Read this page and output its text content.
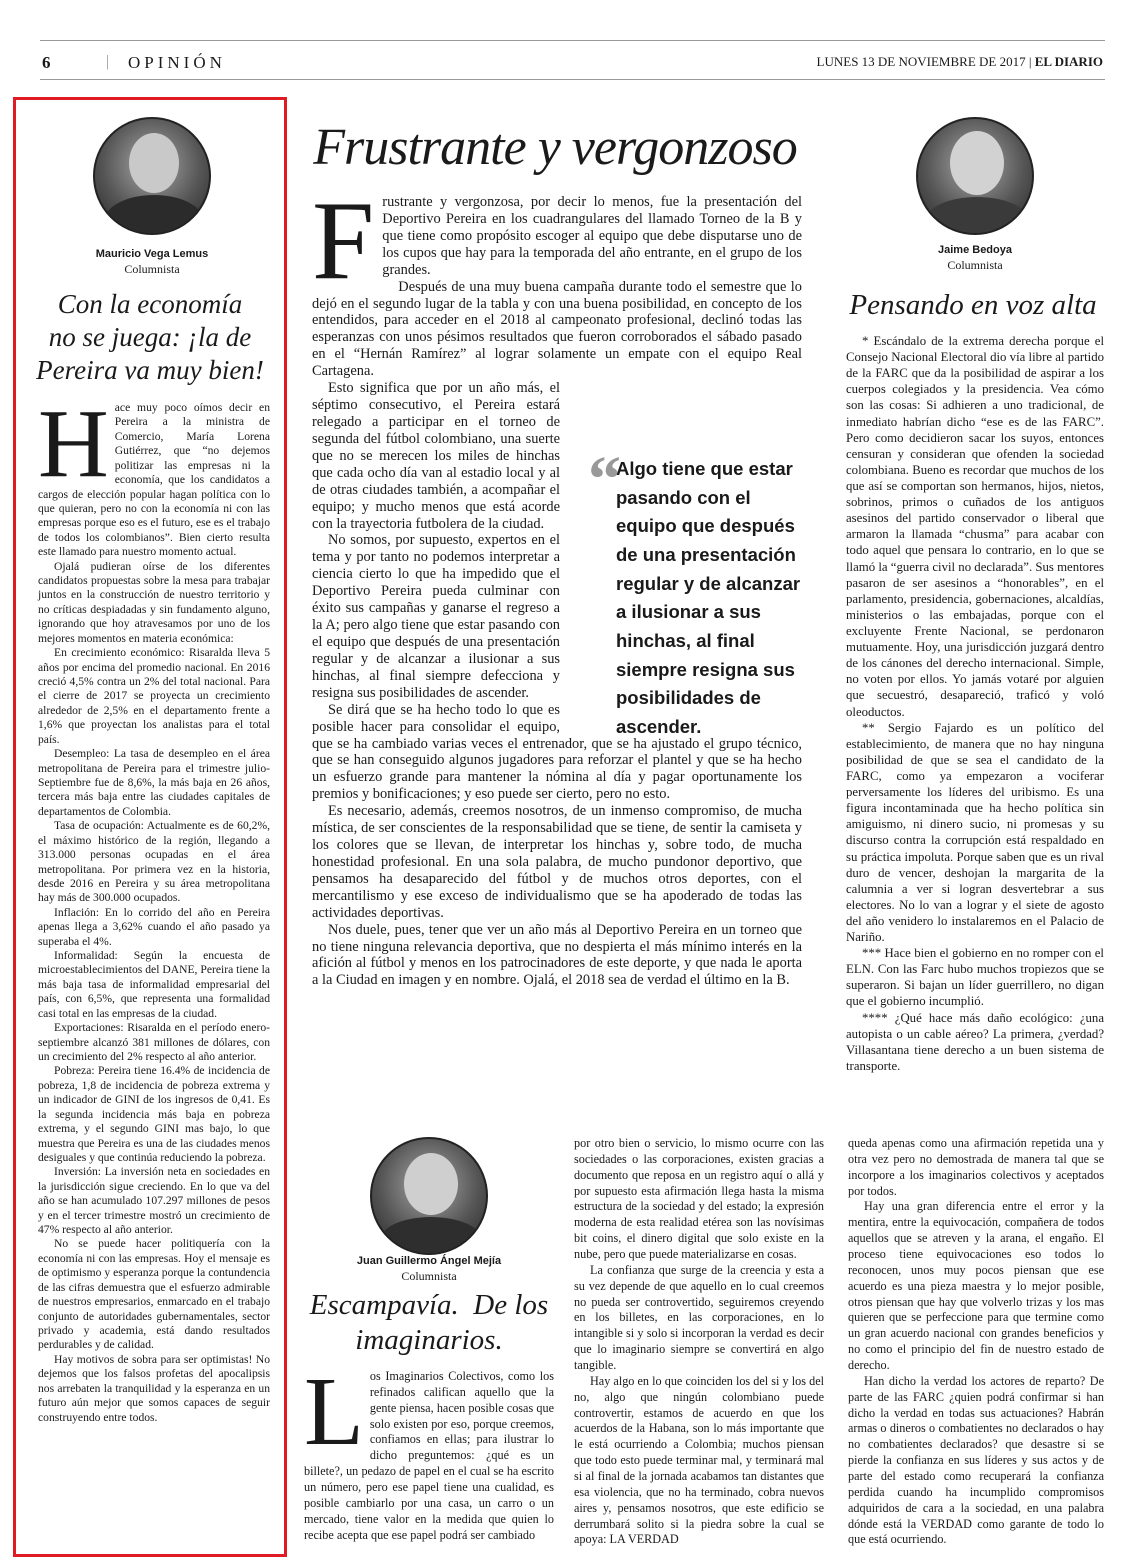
6	| OPINIÓN	LUNES 13 DE NOVIEMBRE DE 2017 | EL DIARIO
Mauricio Vega Lemus
Columnista
Con la economía
no se juega: ¡la de
Pereira va muy bien!

Hace muy poco oímos decir en Pereira a la ministra de Comercio, María Lorena Gutiérrez, que “no dejemos politizar las empresas ni la economía, que los candidatos a cargos de elección popular hagan política con lo que quieran, pero no con la economía ni con las empresas porque eso es el futuro, ese es el trabajo de todos los colombianos”. Bien cierto resulta este llamado para nuestro momento actual.

Ojalá pudieran oírse de los diferentes candidatos propuestas sobre la mesa para trabajar juntos en la construcción de nuestro territorio y no críticas despiadadas y sin fundamento alguno, ignorando que hoy atravesamos por uno de los mejores momentos en materia económica:

En crecimiento económico: Risaralda lleva 5 años por encima del promedio nacional. En 2016 creció 4,5% contra un 2% del total nacional. Para el cierre de 2017 se proyecta un crecimiento alrededor de 2,5% en el departamento frente a 1,6% que proyectan los analistas para el total país.

Desempleo: La tasa de desempleo en el área metropolitana de Pereira para el trimestre julio-Septiembre fue de 8,6%, la más baja en 26 años, tercera más baja entre las ciudades capitales de departamentos de Colombia.

Tasa de ocupación: Actualmente es de 60,2%, el máximo histórico de la región, llegando a 313.000 personas ocupadas en el área metropolitana. Por primera vez en la historia, desde 2016 en Pereira y su área metropolitana hay más de 300.000 ocupados.

Inflación: En lo corrido del año en Pereira apenas llega a 3,62% cuando el año pasado ya superaba el 4%.

Informalidad: Según la encuesta de microestablecimientos del DANE, Pereira tiene la más baja tasa de informalidad empresarial del país, con 6,5%, que representa una formalidad casi total en las empresas de la ciudad.

Exportaciones: Risaralda en el período enero-septiembre alcanzó 381 millones de dólares, con un crecimiento del 2% respecto al año anterior.

Pobreza: Pereira tiene 16.4% de incidencia de pobreza, 1,8 de incidencia de pobreza extrema y un indicador de GINI de los ingresos de 0,41. Es la segunda incidencia más baja en pobreza extrema, y el segundo GINI mas bajo, lo que muestra que Pereira es una de las ciudades menos desiguales y que continúa reduciendo la pobreza.

Inversión: La inversión neta en sociedades en la jurisdicción sigue creciendo. En lo que va del año se han acumulado 107.297 millones de pesos y en el tercer trimestre mostró un crecimiento de 47% respecto al año anterior.

No se puede hacer politiquería con la economía ni con las empresas. Hoy el mensaje es de optimismo y esperanza porque la contundencia de las cifras demuestra que el esfuerzo admirable de nuestros empresarios, enmarcado en el trabajo conjunto de autoridades gubernamentales, sector privado y academia, está dando resultados perdurables y de calidad.

Hay motivos de sobra para ser optimistas! No dejemos que los falsos profetas del apocalipsis nos arrebaten la tranquilidad y la esperanza en un futuro aún mejor que somos capaces de seguir construyendo entre todos.

Frustrante y vergonzoso

Frustrante y vergonzosa, por decir lo menos, fue la presentación del Deportivo Pereira en los cuadrangulares del llamado Torneo de la B y que tiene como propósito escoger al equipo que debe disputarse uno de los cupos que hay para la temporada del año entrante, en el grupo de los grandes.

Después de una muy buena campaña durante todo el semestre que lo dejó en el segundo lugar de la tabla y con una buena posibilidad, en concepto de los entendidos, para acceder en el 2018 al campeonato profesional, declinó todas las esperanzas con unos pésimos resultados que fueron corroborados el sábado pasado en el “Hernán Ramírez” al lograr solamente un empate con el equipo Real Cartagena.

Esto significa que por un año más, el séptimo consecutivo, el Pereira estará relegado a participar en el torneo de segunda del fútbol colombiano, una suerte que no se merecen los miles de hinchas que cada ocho día van al estadio local y al de otras ciudades también, a acompañar el equipo; y mucho menos que está acorde con la trayectoria futbolera de la ciudad.

No somos, por supuesto, expertos en el tema y por tanto no podemos interpretar a ciencia cierto lo que ha impedido que el Deportivo Pereira pueda culminar con éxito sus campañas y ganarse el regreso a la A; pero algo tiene que estar pasando con el equipo que después de una presentación regular y de alcanzar a ilusionar a sus hinchas, al final siempre defecciona y resigna sus posibilidades de ascender.

Se dirá que se ha hecho todo lo que es posible hacer para consolidar el equipo, que se ha cambiado varias veces el entrenador, que se ha ajustado el grupo técnico, que se han conseguido algunos jugadores para reforzar el plantel y que se ha hecho un esfuerzo grande para mantener la nómina al día y pagar oportunamente los premios y bonificaciones; y eso puede ser cierto, pero no esto.

Es necesario, además, creemos nosotros, de un inmenso compromiso, de mucha mística, de ser conscientes de la responsabilidad que se tiene, de sentir la camiseta y los colores que se llevan, de interpretar los hinchas y, sobre todo, de mucha honestidad profesional. En una sola palabra, de mucho pundonor deportivo, que pensamos ha desaparecido del fútbol y de muchos otros deportes, con el mercantilismo y ese exceso de individualismo que se ha apoderado de todas las actividades deportivas.

Nos duele, pues, tener que ver un año más al Deportivo Pereira en un torneo que no tiene ninguna relevancia deportiva, que no despierta el más mínimo interés en la afición al fútbol y menos en los patrocinadores de este deporte, y que nada le aporta a la Ciudad en imagen y en nombre. Ojalá, el 2018 sea de verdad el último en la B.

“
Algo tiene que estar pasando con el equipo que después de una presentación regular y de alcanzar a ilusionar a sus hinchas, al final siempre resigna sus posibilidades de ascender.
Jaime Bedoya
Columnista
Pensando en voz alta

* Escándalo de la extrema derecha porque el Consejo Nacional Electoral dio vía libre al partido de la FARC que da la posibilidad de aspirar a los cuerpos colegiados y la presidencia. Vea cómo son las cosas: Si adhieren a uno tradicional, de inmediato habrían dicho “ese es de las FARC”. Pero como decidieron sacar los suyos, entonces censuran y consideran que ofenden la sociedad colombiana. Bueno es recordar que muchos de los que así se comportan son hermanos, hijos, nietos, sobrinos, primos o cuñados de los antiguos asesinos del partido conservador o liberal que armaron la llamada “chusma” para acabar con todo aquel que pensara lo contrario, en lo que se llamó la “guerra civil no declarada”. Sus mentores pasaron de ser asesinos a “honorables”, en el parlamento, presidencia, gobernaciones, alcaldías, ministerios o las embajadas, porque con el excluyente Frente Nacional, se perdonaron mutuamente. Hoy, una jurisdicción juzgará dentro de los cánones del derecho internacional. Simple, no voten por ellos. Yo jamás votaré por alguien que secuestró, desapareció, traficó y voló oleoductos.

** Sergio Fajardo es un político del establecimiento, de manera que no hay ninguna posibilidad de que se sea el candidato de la FARC, como ya empezaron a vociferar perversamente los líderes del uribismo. Es una figura incontaminada que ha hecho política sin amiguismo, ni dinero sucio, ni promesas y su discurso contra la corrupción está respaldado en su práctica impoluta. Porque saben que es un rival duro de vencer, deshojan la margarita de la calumnia a ver si logran desvertebrar a sus electores. No lo van a lograr y el siete de agosto del año venidero lo instalaremos en el Palacio de Nariño.

*** Hace bien el gobierno en no romper con el ELN. Con las Farc hubo muchos tropiezos que se superaron. Si bajan un líder guerrillero, no digan que el gobierno incumplió.

**** ¿Qué hace más daño ecológico: ¿una autopista o un cable aéreo? La primera, ¿verdad? Villasantana tiene derecho a un buen sistema de transporte.

Juan Guillermo Ángel Mejía
Columnista
Escampavía.  De los
imaginarios.

Los Imaginarios Colectivos, como los refinados califican aquello que la gente piensa, hacen posible cosas que solo existen por eso, porque creemos, confiamos en ellas; para ilustrar lo dicho preguntemos: ¿qué es un billete?, un pedazo de papel en el cual se ha escrito un número, pero ese papel tiene una cualidad, es posible cambiarlo por una casa, un carro o un mercado, tiene valor en la medida que quien lo recibe acepta que ese papel podrá ser cambiado

por otro bien o servicio, lo mismo ocurre con las sociedades o las corporaciones, existen gracias a documento que reposa en un registro aquí o allá y por supuesto esta afirmación llega hasta la misma estructura de la sociedad y del estado; la expresión moderna de esta realidad etérea son las novísimas bit coins, el dinero digital que solo existe en la nube, pero que puede materializarse en cosas.

La confianza que surge de la creencia y esta a su vez depende de que aquello en lo cual creemos no pueda ser controvertido, seguiremos creyendo en los billetes, en las corporaciones, en lo intangible si y solo si incorporan la verdad es decir que lo imaginario siempre se convertirá en algo tangible.

Hay algo en lo que coinciden los del si y los del no, algo que ningún colombiano puede controvertir, estamos de acuerdo en que los acuerdos de la Habana, son lo más importante que le está ocurriendo a Colombia; muchos piensan que todo esto puede terminar mal, y terminará mal si al final de la jornada acabamos tan distantes que esa violencia, que no ha terminado, cobra nuevos aires y, pensamos nosotros, que este edificio se derrumbará solito si la piedra sobre la cual se apoya: LA VERDAD

queda apenas como una afirmación repetida una y otra vez pero no demostrada de manera tal que se incorpore a los imaginarios colectivos y aceptados por todos.

Hay una gran diferencia entre el error y la mentira, entre la equivocación, compañera de todos aquellos que se atreven y la arana, el engaño. El proceso tiene equivocaciones eso todos lo reconocen, unos muy pocos piensan que ese acuerdo es una pieza maestra y lo mejor posible, otros piensan que hay que volverlo trizas y los mas quieren que se perfeccione para que termine como un gran acuerdo nacional con grandes beneficios y no como el principio del fin de nuestro estado de derecho.

Han dicho la verdad los actores de reparto? De parte de las FARC ¿quien podrá confirmar si han dicho la verdad en todas sus actuaciones? Habrán armas o dineros o combatientes no declarados o hay no combatientes declarados? que desastre si se pierde la confianza en sus líderes y sus actos y de parte del estado como recuperará la confianza perdida cuando ha incumplido compromisos adquiridos de cara a la sociedad, en una palabra dónde está la VERDAD como garante de todo lo que está ocurriendo.
